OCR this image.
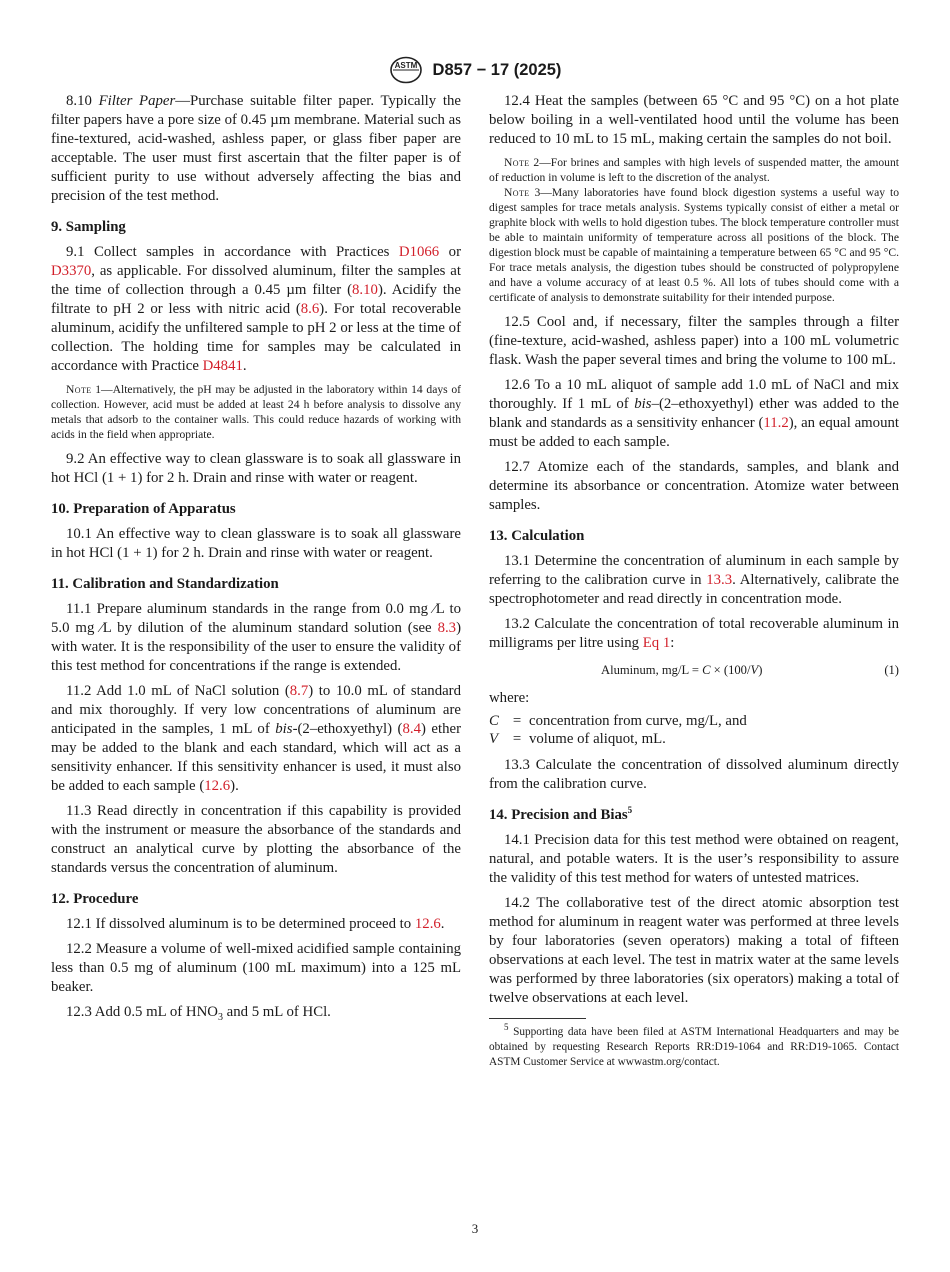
ASTM D857 − 17 (2025)

8.10 Filter Paper—Purchase suitable filter paper. Typically the filter papers have a pore size of 0.45 µm membrane. Material such as fine-textured, acid-washed, ashless paper, or glass fiber paper are acceptable. The user must first ascertain that the filter paper is of sufficient purity to use without adversely affecting the bias and precision of the test method.

9. Sampling

9.1 Collect samples in accordance with Practices D1066 or D3370, as applicable. For dissolved aluminum, filter the samples at the time of collection through a 0.45 µm filter (8.10). Acidify the filtrate to pH 2 or less with nitric acid (8.6). For total recoverable aluminum, acidify the unfiltered sample to pH 2 or less at the time of collection. The holding time for samples may be calculated in accordance with Practice D4841.

Note 1—Alternatively, the pH may be adjusted in the laboratory within 14 days of collection. However, acid must be added at least 24 h before analysis to dissolve any metals that adsorb to the container walls. This could reduce hazards of working with acids in the field when appropriate.

9.2 An effective way to clean glassware is to soak all glassware in hot HCl (1 + 1) for 2 h. Drain and rinse with water or reagent.

10. Preparation of Apparatus

10.1 An effective way to clean glassware is to soak all glassware in hot HCl (1 + 1) for 2 h. Drain and rinse with water or reagent.

11. Calibration and Standardization

11.1 Prepare aluminum standards in the range from 0.0 mg ⁄L to 5.0 mg ⁄L by dilution of the aluminum standard solution (see 8.3) with water. It is the responsibility of the user to ensure the validity of this test method for concentrations if the range is extended.

11.2 Add 1.0 mL of NaCl solution (8.7) to 10.0 mL of standard and mix thoroughly. If very low concentrations of aluminum are anticipated in the samples, 1 mL of bis-(2–ethoxyethyl) (8.4) ether may be added to the blank and each standard, which will act as a sensitivity enhancer. If this sensitivity enhancer is used, it must also be added to each sample (12.6).

11.3 Read directly in concentration if this capability is provided with the instrument or measure the absorbance of the standards and construct an analytical curve by plotting the absorbance of the standards versus the concentration of aluminum.

12. Procedure

12.1 If dissolved aluminum is to be determined proceed to 12.6.

12.2 Measure a volume of well-mixed acidified sample containing less than 0.5 mg of aluminum (100 mL maximum) into a 125 mL beaker.

12.3 Add 0.5 mL of $HNO_3$ and 5 mL of HCl.

12.4 Heat the samples (between 65 °C and 95 °C) on a hot plate below boiling in a well-ventilated hood until the volume has been reduced to 10 mL to 15 mL, making certain the samples do not boil.

Note 2—For brines and samples with high levels of suspended matter, the amount of reduction in volume is left to the discretion of the analyst.
Note 3—Many laboratories have found block digestion systems a useful way to digest samples for trace metals analysis. Systems typically consist of either a metal or graphite block with wells to hold digestion tubes. The block temperature controller must be able to maintain uniformity of temperature across all positions of the block. The digestion block must be capable of maintaining a temperature between 65 °C and 95 °C. For trace metals analysis, the digestion tubes should be constructed of polypropylene and have a volume accuracy of at least 0.5 %. All lots of tubes should come with a certificate of analysis to demonstrate suitability for their intended purpose.

12.5 Cool and, if necessary, filter the samples through a filter (fine-texture, acid-washed, ashless paper) into a 100 mL volumetric flask. Wash the paper several times and bring the volume to 100 mL.

12.6 To a 10 mL aliquot of sample add 1.0 mL of NaCl and mix thoroughly. If 1 mL of bis–(2–ethoxyethyl) ether was added to the blank and standards as a sensitivity enhancer (11.2), an equal amount must be added to each sample.

12.7 Atomize each of the standards, samples, and blank and determine its absorbance or concentration. Atomize water between samples.

13. Calculation

13.1 Determine the concentration of aluminum in each sample by referring to the calibration curve in 13.3. Alternatively, calibrate the spectrophotometer and read directly in concentration mode.

13.2 Calculate the concentration of total recoverable aluminum in milligrams per litre using Eq 1:

Aluminum, mg/L = C × (100/V)	(1)

where:

C = concentration from curve, mg/L, and
V = volume of aliquot, mL.

13.3 Calculate the concentration of dissolved aluminum directly from the calibration curve.

14. Precision and Bias$^5$

14.1 Precision data for this test method were obtained on reagent, natural, and potable waters. It is the user’s responsibility to assure the validity of this test method for waters of untested matrices.

14.2 The collaborative test of the direct atomic absorption test method for aluminum in reagent water was performed at three levels by four laboratories (seven operators) making a total of fifteen observations at each level. The test in matrix water at the same levels was performed by three laboratories (six operators) making a total of twelve observations at each level.

$^5$ Supporting data have been filed at ASTM International Headquarters and may be obtained by requesting Research Reports RR:D19-1064 and RR:D19-1065. Contact ASTM Customer Service at wwwastm.org/contact.

3
